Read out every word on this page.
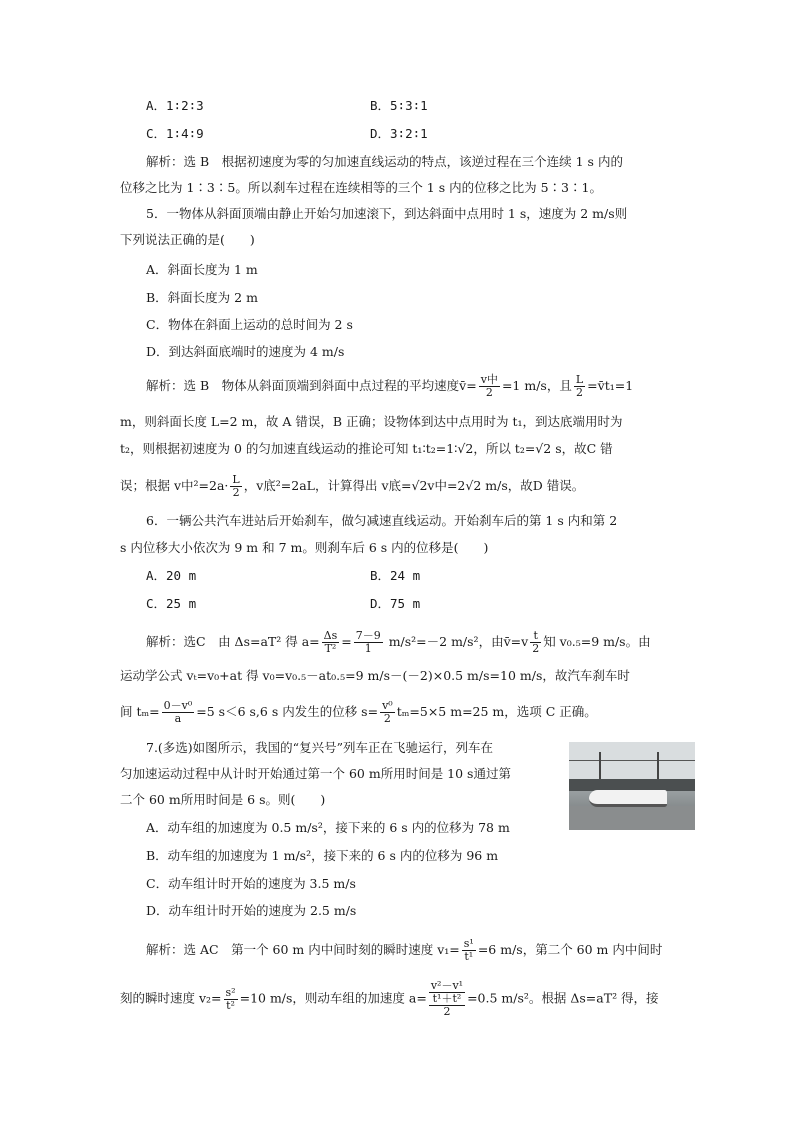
A．1∶2∶3	B．5∶3∶1
C．1∶4∶9	D．3∶2∶1
解析：选 B　根据初速度为零的匀加速直线运动的特点，该逆过程在三个连续 1 s 内的
位移之比为 1∶3∶5。所以刹车过程在连续相等的三个 1 s 内的位移之比为 5∶3∶1。
5．一物体从斜面顶端由静止开始匀加速滚下，到达斜面中点用时 1 s，速度为 2 m/s则
下列说法正确的是(　　)
A．斜面长度为 1 m
B．斜面长度为 2 m
C．物体在斜面上运动的总时间为 2 s
D．到达斜面底端时的速度为 4 m/s
解析：选 B　物体从斜面顶端到斜面中点过程的平均速度v̄= v中
2 =1 m/s，且 $\frac{L}{2}$ =v̄t₁=1
m，则斜面长度 L=2 m，故 A 错误，B 正确；设物体到达中点用时为 t₁，到达底端用时为
t₂，则根据初速度为 0 的匀加速直线运动的推论可知 t₁∶t₂=1∶√2，所以 t₂=√2 s，故C 错
误；根据 v中$^2=2a\cdot \frac{L}{2}$ ，v底²=2aL，计算得出 v底=√2v中=2√2 m/s，故D 错误。
6．一辆公共汽车进站后开始刹车，做匀减速直线运动。开始刹车后的第 1 s 内和第 2
s 内位移大小依次为 9 m 和 7 m。则刹车后 6 s 内的位移是(　　)
A．20 m	B．24 m
C．25 m	D．75 m
解析：选C　由 Δs=aT² 得 $a= \frac{\Delta s}{\text{T²}} = \frac{7-9}{1} m/s^2=-2$ m/s²，由v̄=v $\frac{t}{2}$ 知 v₀.₅=9 m/s。由
运动学公式 vₜ=v₀+at 得 v₀=v₀.₅－at₀.₅=9 m/s－(－2)×0.5 m/s=10 m/s，故汽车刹车时
间 $t_m= \frac{\text{0－v⁰}}{a} =5$ s＜6 s,6 s 内发生的位移 $s= \frac{\text{v⁰}}{2} t_m=5\times 5$ m=25 m，选项 C 正确。
7.(多选)如图所示，我国的“复兴号”列车正在飞驰运行，列车在
匀加速运动过程中从计时开始通过第一个 60 m所用时间是 10 s通过第
二个 60 m所用时间是 6 s。则(　　)
A．动车组的加速度为 0.5 m/s²，接下来的 6 s 内的位移为 78 m
B．动车组的加速度为 1 m/s²，接下来的 6 s 内的位移为 96 m
C．动车组计时开始的速度为 3.5 m/s
D．动车组计时开始的速度为 2.5 m/s
解析：选 AC　第一个 60 m 内中间时刻的瞬时速度 $v_1= \frac{\text{s¹}}{\text{t¹}} =6$ m/s，第二个 60 m 内中间时
刻的瞬时速度 $v_2= \frac{\text{s²}}{\text{t²}} =10$ m/s，则动车组的加速度 a=
v²－v¹
t¹＋t²
2
=0.5 m/s²。根据 Δs=aT² 得，接
